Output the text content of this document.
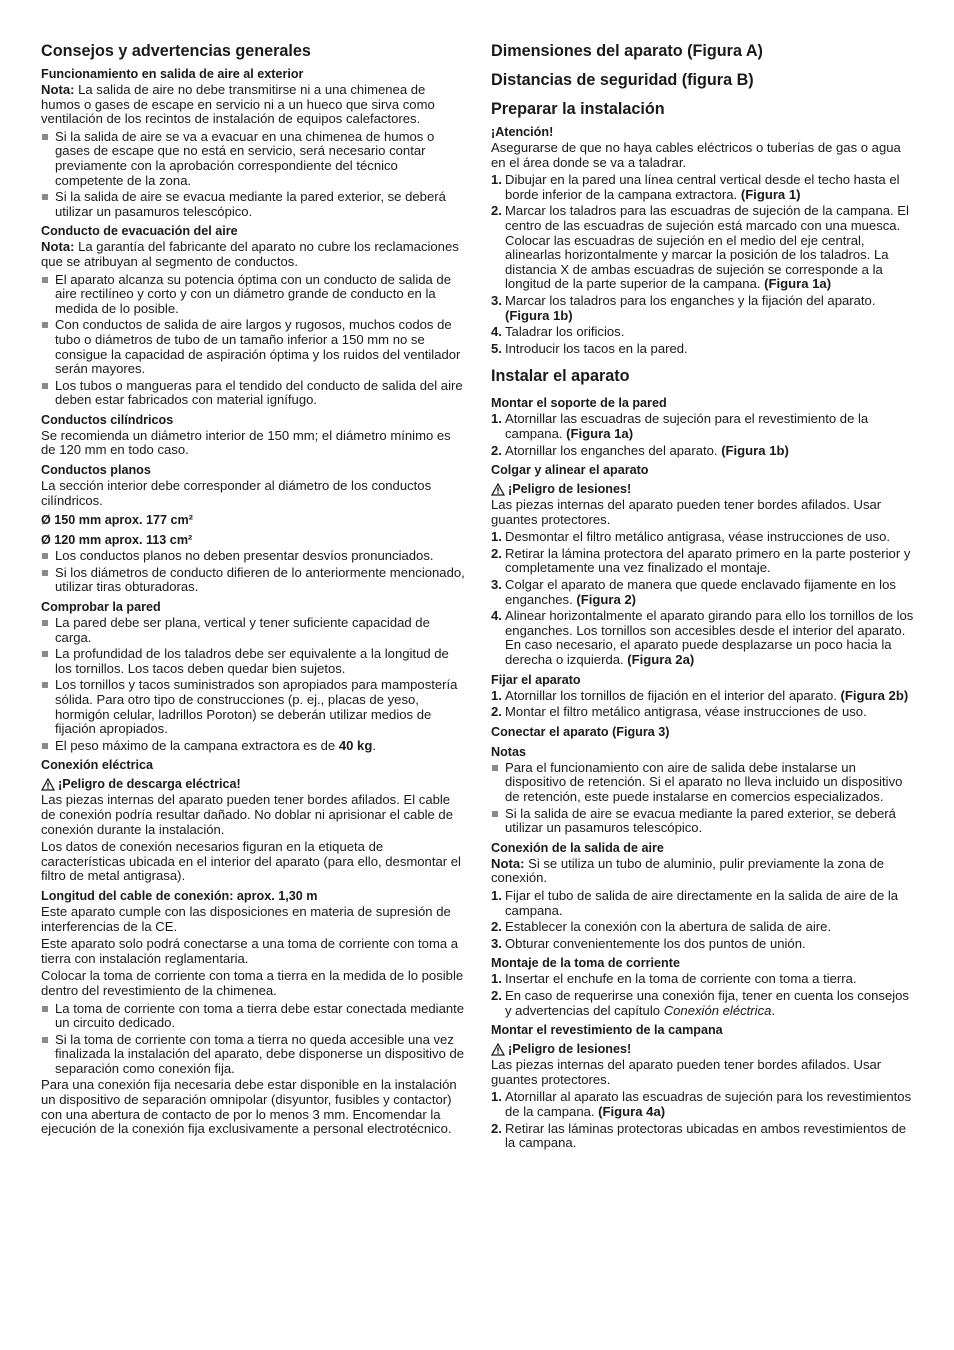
Consejos y advertencias generales
Funcionamiento en salida de aire al exterior

Nota: La salida de aire no debe transmitirse ni a una chimenea de humos o gases de escape en servicio ni a un hueco que sirva como ventilación de los recintos de instalación de equipos calefactores.

Si la salida de aire se va a evacuar en una chimenea de humos o gases de escape que no está en servicio, será necesario contar previamente con la aprobación correspondiente del técnico competente de la zona.
Si la salida de aire se evacua mediante la pared exterior, se deberá utilizar un pasamuros telescópico.
Conducto de evacuación del aire

Nota: La garantía del fabricante del aparato no cubre los reclamaciones que se atribuyan al segmento de conductos.

El aparato alcanza su potencia óptima con un conducto de salida de aire rectilíneo y corto y con un diámetro grande de conducto en la medida de lo posible.
Con conductos de salida de aire largos y rugosos, muchos codos de tubo o diámetros de tubo de un tamaño inferior a 150 mm no se consigue la capacidad de aspiración óptima y los ruidos del ventilador serán mayores.
Los tubos o mangueras para el tendido del conducto de salida del aire deben estar fabricados con material ignífugo.
Conductos cilíndricos

Se recomienda un diámetro interior de 150 mm; el diámetro mínimo es de 120 mm en todo caso.

Conductos planos

La sección interior debe corresponder al diámetro de los conductos cilíndricos.

Ø 150 mm aprox. 177 cm²
Ø 120 mm aprox. 113 cm²
Los conductos planos no deben presentar desvíos pronunciados.
Si los diámetros de conducto difieren de lo anteriormente mencionado, utilizar tiras obturadoras.
Comprobar la pared
La pared debe ser plana, vertical y tener suficiente capacidad de carga.
La profundidad de los taladros debe ser equivalente a la longitud de los tornillos. Los tacos deben quedar bien sujetos.
Los tornillos y tacos suministrados son apropiados para mampostería sólida. Para otro tipo de construcciones (p. ej., placas de yeso, hormigón celular, ladrillos Poroton) se deberán utilizar medios de fijación apropiados.
El peso máximo de la campana extractora es de 40 kg.
Conexión eléctrica
¡Peligro de descarga eléctrica!

Las piezas internas del aparato pueden tener bordes afilados. El cable de conexión podría resultar dañado. No doblar ni aprisionar el cable de conexión durante la instalación.

Los datos de conexión necesarios figuran en la etiqueta de características ubicada en el interior del aparato (para ello, desmontar el filtro de metal antigrasa).

Longitud del cable de conexión: aprox. 1,30 m

Este aparato cumple con las disposiciones en materia de supresión de interferencias de la CE.

Este aparato solo podrá conectarse a una toma de corriente con toma a tierra con instalación reglamentaria.

Colocar la toma de corriente con toma a tierra en la medida de lo posible dentro del revestimiento de la chimenea.

La toma de corriente con toma a tierra debe estar conectada mediante un circuito dedicado.
Si la toma de corriente con toma a tierra no queda accesible una vez finalizada la instalación del aparato, debe disponerse un dispositivo de separación como conexión fija.

Para una conexión fija necesaria debe estar disponible en la instalación un dispositivo de separación omnipolar (disyuntor, fusibles y contactor) con una abertura de contacto de por lo menos 3 mm. Encomendar la ejecución de la conexión fija exclusivamente a personal electrotécnico.

Dimensiones del aparato (Figura A)
Distancias de seguridad (figura B)
Preparar la instalación
¡Atención!

Asegurarse de que no haya cables eléctricos o tuberías de gas o agua en el área donde se va a taladrar.

1. Dibujar en la pared una línea central vertical desde el techo hasta el borde inferior de la campana extractora. (Figura 1)
2. Marcar los taladros para las escuadras de sujeción de la campana. El centro de las escuadras de sujeción está marcado con una muesca. Colocar las escuadras de sujeción en el medio del eje central, alinearlas horizontalmente y marcar la posición de los taladros. La distancia X de ambas escuadras de sujeción se corresponde a la longitud de la parte superior de la campana. (Figura 1a)
3. Marcar los taladros para los enganches y la fijación del aparato. (Figura 1b)
4. Taladrar los orificios.
5. Introducir los tacos en la pared.
Instalar el aparato
Montar el soporte de la pared
1. Atornillar las escuadras de sujeción para el revestimiento de la campana. (Figura 1a)
2. Atornillar los enganches del aparato. (Figura 1b)
Colgar y alinear el aparato
¡Peligro de lesiones!

Las piezas internas del aparato pueden tener bordes afilados. Usar guantes protectores.

1. Desmontar el filtro metálico antigrasa, véase instrucciones de uso.
2. Retirar la lámina protectora del aparato primero en la parte posterior y completamente una vez finalizado el montaje.
3. Colgar el aparato de manera que quede enclavado fijamente en los enganches. (Figura 2)
4. Alinear horizontalmente el aparato girando para ello los tornillos de los enganches. Los tornillos son accesibles desde el interior del aparato. En caso necesario, el aparato puede desplazarse un poco hacia la derecha o izquierda. (Figura 2a)
Fijar el aparato
1. Atornillar los tornillos de fijación en el interior del aparato. (Figura 2b)
2. Montar el filtro metálico antigrasa, véase instrucciones de uso.
Conectar el aparato (Figura 3)
Notas
Para el funcionamiento con aire de salida debe instalarse un dispositivo de retención. Si el aparato no lleva incluido un dispositivo de retención, este puede instalarse en comercios especializados.
Si la salida de aire se evacua mediante la pared exterior, se deberá utilizar un pasamuros telescópico.
Conexión de la salida de aire

Nota: Si se utiliza un tubo de aluminio, pulir previamente la zona de conexión.

1. Fijar el tubo de salida de aire directamente en la salida de aire de la campana.
2. Establecer la conexión con la abertura de salida de aire.
3. Obturar convenientemente los dos puntos de unión.
Montaje de la toma de corriente
1. Insertar el enchufe en la toma de corriente con toma a tierra.
2. En caso de requerirse una conexión fija, tener en cuenta los consejos y advertencias del capítulo Conexión eléctrica.
Montar el revestimiento de la campana
¡Peligro de lesiones!

Las piezas internas del aparato pueden tener bordes afilados. Usar guantes protectores.

1. Atornillar al aparato las escuadras de sujeción para los revestimientos de la campana. (Figura 4a)
2. Retirar las láminas protectoras ubicadas en ambos revestimientos de la campana.
